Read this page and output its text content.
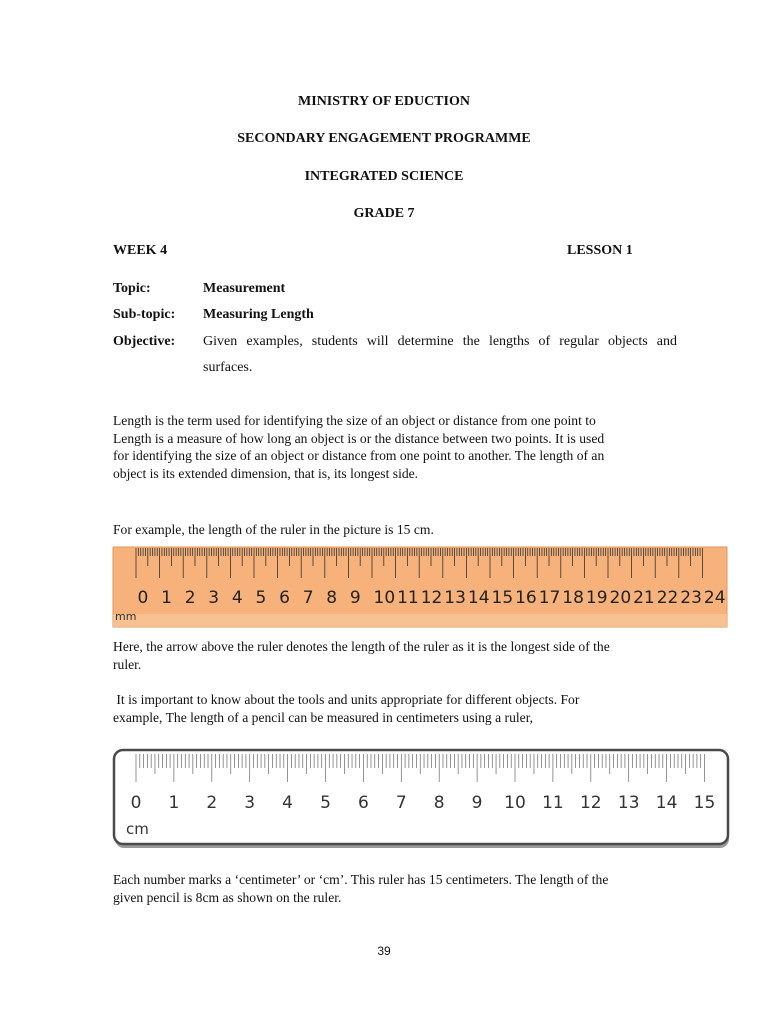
MINISTRY OF EDUCTION
SECONDARY ENGAGEMENT PROGRAMME
INTEGRATED SCIENCE
GRADE 7
WEEK 4	LESSON 1
Topic:	Measurement
Sub-topic: Measuring Length
Objective: Given examples, students will determine the lengths of regular objects and
surfaces.
Length is the term used for identifying the size of an object or distance from one point to
Length is a measure of how long an object is or the distance between two points. It is used
for identifying the size of an object or distance from one point to another. The length of an
object is its extended dimension, that is, its longest side.
For example, the length of the ruler in the picture is 15 cm.
0 1 2 3 4 5 6 7 8 9 10 11 12 13 14 15 16 17 18 19 20 21 22 23 24
mm
Here, the arrow above the ruler denotes the length of the ruler as it is the longest side of the
ruler.
It is important to know about the tools and units appropriate for different objects. For
example, The length of a pencil can be measured in centimeters using a ruler,
0 1 2 3 4 5 6 7 8 9 10 11 12 13 14 15
cm
Each number marks a ‘centimeter’ or ‘cm’. This ruler has 15 centimeters. The length of the
given pencil is 8cm as shown on the ruler.
39
